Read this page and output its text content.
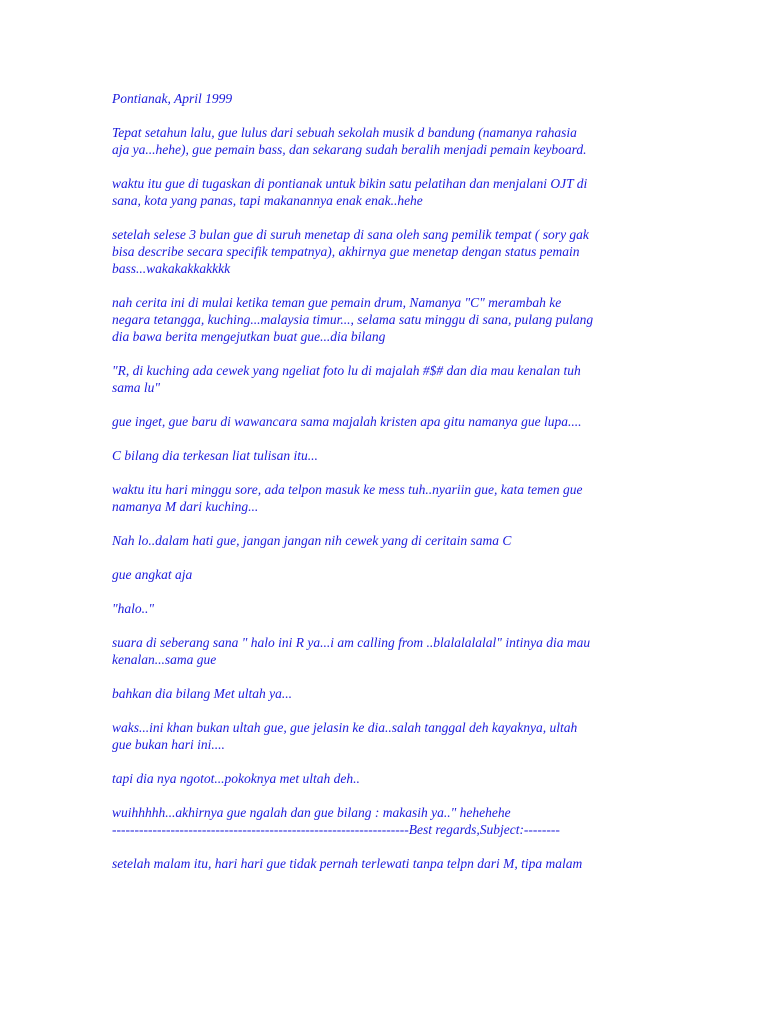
Pontianak, April 1999

Tepat setahun lalu, gue lulus dari sebuah sekolah musik d bandung (namanya rahasia
aja ya...hehe), gue pemain bass, dan sekarang sudah beralih menjadi pemain keyboard.

waktu itu gue di tugaskan di pontianak untuk bikin satu pelatihan dan menjalani OJT di
sana, kota yang panas, tapi makanannya enak enak..hehe

setelah selese 3 bulan gue di suruh menetap di sana oleh sang pemilik tempat ( sory gak
bisa describe secara specifik tempatnya), akhirnya gue menetap dengan status pemain
bass...wakakakkakkkk

nah cerita ini di mulai ketika teman gue pemain drum, Namanya "C" merambah ke
negara tetangga, kuching...malaysia timur..., selama satu minggu di sana, pulang pulang
dia bawa berita mengejutkan buat gue...dia bilang

"R, di kuching ada cewek yang ngeliat foto lu di majalah #$# dan dia mau kenalan tuh
sama lu"

gue inget, gue baru di wawancara sama majalah kristen apa gitu namanya gue lupa....

C bilang dia terkesan liat tulisan itu...

waktu itu hari minggu sore, ada telpon masuk ke mess tuh..nyariin gue, kata temen gue
namanya M dari kuching...

Nah lo..dalam hati gue, jangan jangan nih cewek yang di ceritain sama C

gue angkat aja

"halo.."

suara di seberang sana " halo ini R ya...i am calling from ..blalalalalal" intinya dia mau
kenalan...sama gue

bahkan dia bilang Met ultah ya...

waks...ini khan bukan ultah gue, gue jelasin ke dia..salah tanggal deh kayaknya, ultah
gue bukan hari ini....

tapi dia nya ngotot...pokoknya met ultah deh..

wuihhhhh...akhirnya gue ngalah dan gue bilang : makasih ya.." hehehehe
------------------------------------------------------------------Best regards,Subject:--------

setelah malam itu, hari hari gue tidak pernah terlewati tanpa telpn dari M, tipa malam
